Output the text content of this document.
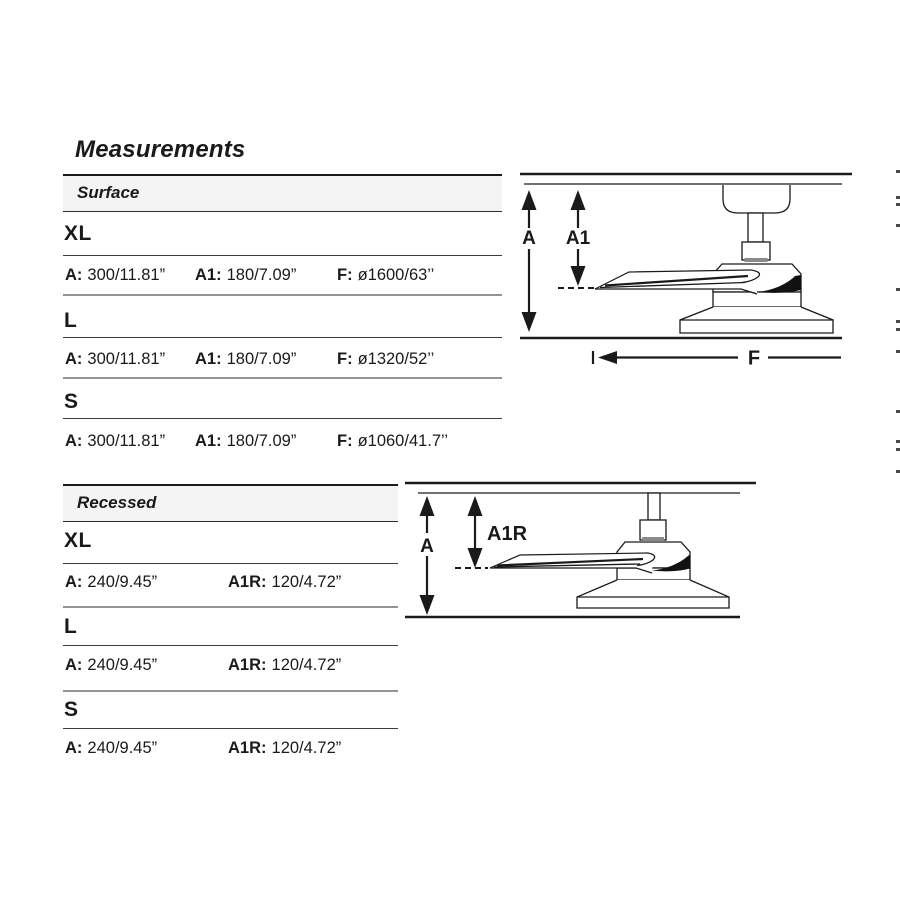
Measurements
Surface
XL
A: 300/11.81” A1: 180/7.09” F: ø1600/63’’
L
A: 300/11.81” A1: 180/7.09” F: ø1320/52’’
S
A: 300/11.81” A1: 180/7.09” F: ø1060/41.7’’
A A1
F
Recessed
XL
A: 240/9.45”	A1R: 120/4.72”
L
A: 240/9.45”	A1R: 120/4.72”
S
A: 240/9.45”	A1R: 120/4.72”
A
A1R
